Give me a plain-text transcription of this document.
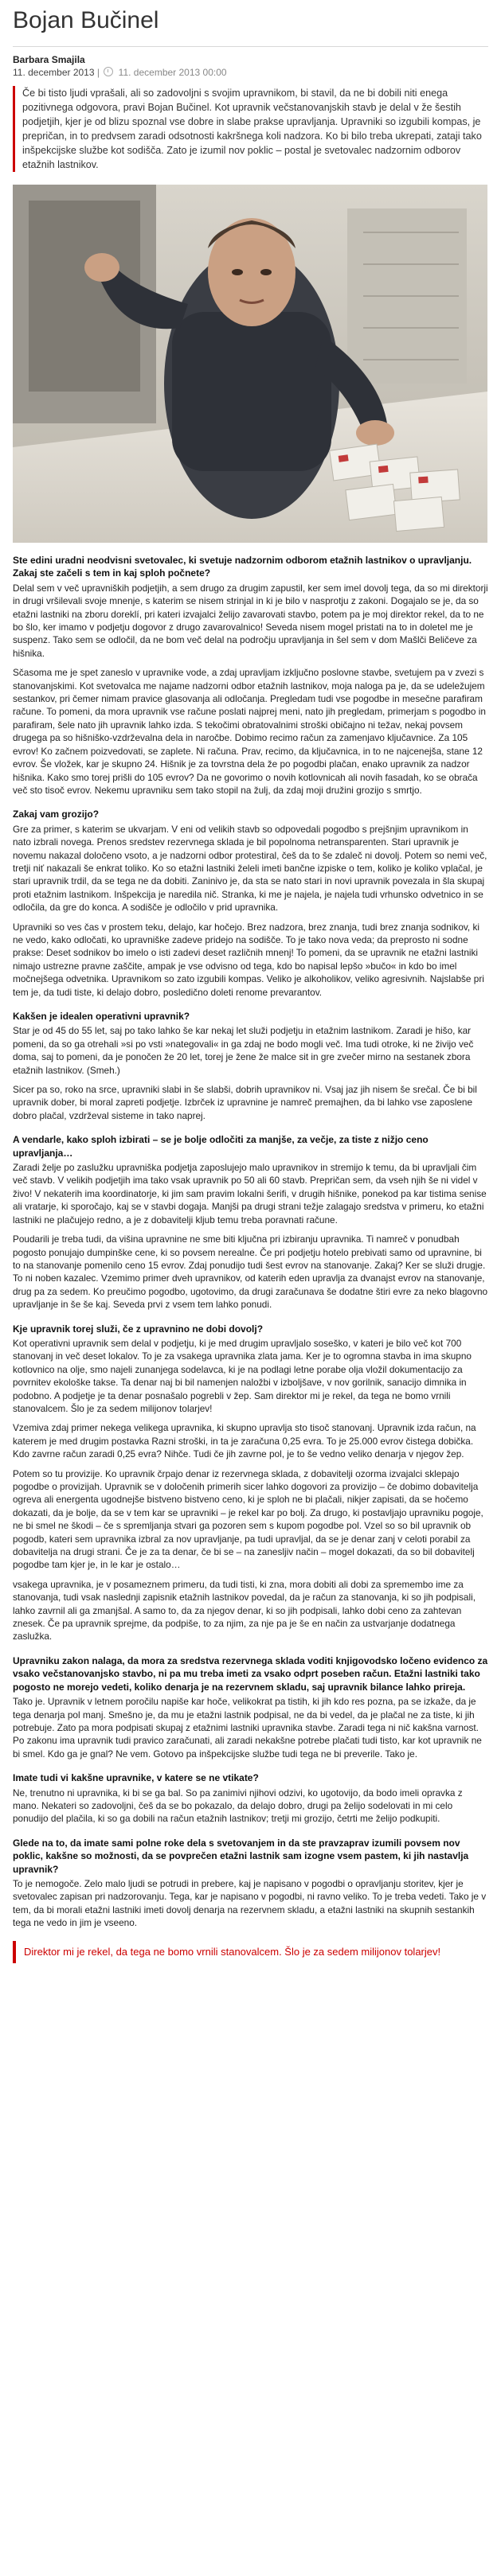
Bojan Bučinel
Barbara Smajila
11. december 2013 | 11. december 2013 00:00
Če bi tisto ljudi vprašali, ali so zadovoljni s svojim upravnikom, bi stavil, da ne bi dobili niti enega pozitivnega odgovora, pravi Bojan Bučinel. Kot upravnik večstanovanjskih stavb je delal v že šestih podjetjih, kjer je od blizu spoznal vse dobre in slabe prakse upravljanja. Upravniki so izgubili kompas, je prepričan, in to predvsem zaradi odsotnosti kakršnega koli nadzora. Ko bi bilo treba ukrepati, zataji tako inšpekcijske službe kot sodišča. Zato je izumil nov poklic – postal je svetovalec nadzornim odborov etažnih lastnikov.

Ste edini uradni neodvisni svetovalec, ki svetuje nadzornim odborom etažnih lastnikov o upravljanju. Zakaj ste začeli s tem in kaj sploh počnete?

Delal sem v več upravniških podjetjih, a sem drugo za drugim zapustil, ker sem imel dovolj tega, da so mi direktorji in drugi vršilevali svoje mnenje, s katerim se nisem strinjal in ki je bilo v nasprotju z zakoni. Dogajalo se je, da so etažni lastniki na zboru doreklí, pri kateri izvajalci želijo zavarovati stavbo, potem pa je moj direktor rekel, da to ne bo šlo, ker imamo v podjetju dogovor z drugo zavarovalnico! Seveda nisem mogel pristati na to in doletel me je suspenz. Tako sem se odločil, da ne bom več delal na področju upravljanja in šel sem v dom Mašlči Beličeve za hišnika.

Sčasoma me je spet zaneslo v upravnike vode, a zdaj upravljam izključno poslovne stavbe, svetujem pa v zvezi s stanovanjskimi. Kot svetovalca me najame nadzorni odbor etažnih lastnikov, moja naloga pa je, da se udeležujem sestankov, pri čemer nimam pravice glasovanja ali odločanja. Pregledam tudi vse pogodbe in mesečne parafiram račune. To pomeni, da mora upravnik vse račune poslati najprej meni, nato jih pregledam, primerjam s pogodbo in parafiram, šele nato jih upravnik lahko izda. S tekočimi obratovalnimi stroški običajno ni težav, nekaj povsem drugega pa so hišniško-vzdrževalna dela in naročbe. Dobimo recimo račun za zamenjavo ključavnice. Za 105 evrov! Ko začnem poizvedovati, se zaplete. Ni računa. Prav, recimo, da ključavnica, in to ne najcenejša, stane 12 evrov. Še vložek, kar je skupno 24. Hišnik je za tovrstna dela že po pogodbi plačan, enako upravnik za nadzor hišnika. Kako smo torej prišli do 105 evrov? Da ne govorimo o novih kotlovnicah ali novih fasadah, ko se obrača več sto tisoč evrov. Nekemu upravniku sem tako stopil na žulj, da zdaj moji družini grozijo s smrtjo.

Zakaj vam grozijo?

Gre za primer, s katerim se ukvarjam. V eni od velikih stavb so odpovedali pogodbo s prejšnjim upravnikom in nato izbrali novega. Prenos sredstev rezervnega sklada je bil popolnoma netransparenten. Stari upravnik je novemu nakazal določeno vsoto, a je nadzorni odbor protestiral, češ da to še zdaleč ni dovolj. Potem so nemi več, tretji niť nakazali še enkrat toliko. Ko so etažni lastniki želeli imeti bančne izpiske o tem, koliko je koliko vplačal, je stari upravnik trdil, da se tega ne da dobiti. Zaninivo je, da sta se nato stari in novi upravnik povezala in šla skupaj proti etažnim lastnikom. Inšpekcija je naredila nič. Stranka, ki me je najela, je najela tudi vrhunsko odvetnico in se odločila, da gre do konca. A sodišče je odločilo v prid upravnika.

Upravniki so ves čas v prostem teku, delajo, kar hočejo. Brez nadzora, brez znanja, tudi brez znanja sodnikov, ki ne vedo, kako odločati, ko upravniške zadeve pridejo na sodišče. To je tako nova veda; da preprosto ni sodne prakse: Deset sodnikov bo imelo o isti zadevi deset različnih mnenj! To pomeni, da se upravnik ne etažni lastniki nimajo ustrezne pravne zaščite, ampak je vse odvisno od tega, kdo bo napisal lepšo »bučo« in kdo bo imel močnejšega odvetnika. Upravnikom so zato izgubili kompas. Veliko je alkoholikov, veliko agresivnih. Najslabše pri tem je, da tudi tiste, ki delajo dobro, posledično doleti renome prevarantov.

Kakšen je idealen operativni upravnik?

Star je od 45 do 55 let, saj po tako lahko še kar nekaj let služi podjetju in etažnim lastnikom. Zaradi je hišo, kar pomeni, da so ga otrehali »si po vsti »nategovali« in ga zdaj ne bodo mogli več. Ima tudi otroke, ki ne živijo več doma, saj to pomeni, da je ponočen že 20 let, torej je žene že malce sit in gre zvečer mirno na sestanek zbora etažnih lastnikov. (Smeh.)

Sicer pa so, roko na srce, upravniki slabi in še slabši, dobrih upravnikov ni. Vsaj jaz jih nisem še srečal. Če bi bil upravnik dober, bi moral zapreti podjetje. Izbrček iz upravnine je namreč premajhen, da bi lahko vse zaposlene dobro plačal, vzdrževal sisteme in tako naprej.

A vendarle, kako sploh izbirati – se je bolje odločiti za manjše, za večje, za tiste z nižjo ceno upravljanja…

Zaradi želje po zaslužku upravniška podjetja zaposlujejo malo upravnikov in stremijo k temu, da bi upravljali čim več stavb. V velikih podjetjih ima tako vsak upravnik po 50 ali 60 stavb. Prepričan sem, da vseh njih še ni videl v živo! V nekaterih ima koordinatorje, ki jim sam pravim lokalni šerifi, v drugih hišnike, ponekod pa kar tistima senise ali vratarje, ki sporočajo, kaj se v stavbi dogaja. Manjši pa drugi strani težje zalagajo sredstva v primeru, ko etažni lastniki ne plačujejo redno, a je z dobavitelji kljub temu treba poravnati račune.

Poudarili je treba tudi, da višina upravnine ne sme biti ključna pri izbiranju upravnika. Ti namreč v ponudbah pogosto ponujajo dumpinške cene, ki so povsem nerealne. Če pri podjetju hotelo prebivati samo od upravnine, bi to na stanovanje pomenilo ceno 15 evrov. Zdaj ponudijo tudi šest evrov na stanovanje. Zakaj? Ker se služi drugje. To ni noben kazalec. Vzemimo primer dveh upravnikov, od katerih eden upravlja za dvanajst evrov na stanovanje, drug pa za sedem. Ko preučimo pogodbo, ugotovimo, da drugi zaračunava še dodatne štiri evre za neko blagovno upravljanje in še še kaj. Seveda prvi z vsem tem lahko ponudi.

Kje upravnik torej služi, če z upravnino ne dobi dovolj?

Kot operativni upravnik sem delal v podjetju, ki je med drugim upravljalo soseško, v kateri je bilo več kot 700 stanovanj in več deset lokalov. To je za vsakega upravnika zlata jama. Ker je to ogromna stavba in ima skupno kotlovnico na olje, smo najeli zunanjega sodelavca, ki je na podlagi letne porabe olja vložil dokumentacijo za povrnitev ekološke takse. Ta denar naj bi bil namenjen naložbi v izboljšave, v nov gorilnik, sanacijo dimnika in podobno. A podjetje je ta denar posnašalo pogrebli v žep. Sam direktor mi je rekel, da tega ne bomo vrnili stanovalcem. Šlo je za sedem milijonov tolarjev!

Vzemiva zdaj primer nekega velikega upravnika, ki skupno upravlja sto tisoč stanovanj. Upravnik izda račun, na katerem je med drugim postavka Razni stroški, in ta je zaračuna 0,25 evra. To je 25.000 evrov čistega dobička. Kdo zavrne račun zaradi 0,25 evra? Nihče. Tudi če jih zavrne pol, je to še vedno veliko denarja v njegov žep.

Potem so tu provizije. Ko upravnik črpajo denar iz rezervnega sklada, z dobavitelji ozorma izvajalci sklepajo pogodbe o provizijah. Upravnik se v določenih primerih sicer lahko dogovori za provizijo – če dobimo dobavitelja ogreva ali energenta ugodnejše bistveno bistveno ceno, ki je sploh ne bi plačali, nikjer zapisati, da se hočemo dokazati, da je bolje, da se v tem kar se upravniki – je rekel kar po bolj. Za drugo, ki postavljajo upravniku pogoje, ne bi smel ne škodi – če s spremljanja stvari ga pozoren sem s kupom pogodbe pol. Vzel so so bil upravnik ob pogodb, kateri sem upravnika izbral za nov upravljanje, pa tudi upravljal, da se je denar zanj v celoti porabil za dobavitelja na drugi strani. Če je za ta denar, če bi se – na zanesljiv način – mogel dokazati, da so bil dobavitelj pogodbe tam kjer je, in le kar je ostalo…

vsakega upravnika, je v posameznem primeru, da tudi tisti, ki zna, mora dobiti ali dobi za spremembo ime za stanovanja, tudi vsak naslednji zapisnik etažnih lastnikov povedal, da je račun za stanovanja, ki so jih podpisali, lahko zavrnil ali ga zmanjšal. A samo to, da za njegov denar, ki so jih podpisali, lahko dobi ceno za zahtevan znesek. Če pa upravnik sprejme, da podpiše, to za njim, za nje pa je še en način za ustvarjanje dodatnega zaslužka.

Upravniku zakon nalaga, da mora za sredstva rezervnega sklada voditi knjigovodsko ločeno evidenco za vsako večstanovanjsko stavbo, ni pa mu treba imeti za vsako odprt poseben račun. Etažni lastniki tako pogosto ne morejo vedeti, koliko denarja je na rezervnem skladu, saj upravnik bilance lahko prireja.

Tako je. Upravnik v letnem poročilu napiše kar hoče, velikokrat pa tistih, ki jih kdo res pozna, pa se izkaže, da je tega denarja pol manj. Smešno je, da mu je etažni lastnik podpisal, ne da bi vedel, da je plačal ne za tiste, ki jih potrebuje. Zato pa mora podpisati skupaj z etažnimi lastniki upravnika stavbe. Zaradi tega ni nič kakšna varnost. Po zakonu ima upravnik tudi pravico zaračunati, ali zaradi nekakšne potrebe plačati tudi tisto, kar kot upravnik ne bi smel. Kdo ga je gnal? Ne vem. Gotovo pa inšpekcijske službe tudi tega ne bi preverile. Tako je.

Imate tudi vi kakšne upravnike, v katere se ne vtikate?

Ne, trenutno ni upravnika, ki bi se ga bal. So pa zanimivi njihovi odzivi, ko ugotovijo, da bodo imeli opravka z mano. Nekateri so zadovoljni, češ da se bo pokazalo, da delajo dobro, drugi pa želijo sodelovati in mi celo ponudijo del plačila, ki so ga dobili na račun etažnih lastnikov; tretji mi grozijo, četrti me želijo podkupiti.

Glede na to, da imate sami polne roke dela s svetovanjem in da ste pravzaprav izumili povsem nov poklic, kakšne so možnosti, da se povprečen etažni lastnik sam izogne vsem pastem, ki jih nastavlja upravnik?

To je nemogoče. Zelo malo ljudi se potrudi in prebere, kaj je napisano v pogodbi o opravljanju storitev, kjer je svetovalec zapisan pri nadzorovanju. Tega, kar je napisano v pogodbi, ni ravno veliko. To je treba vedeti. Tako je v tem, da bi morali etažni lastniki imeti dovolj denarja na rezervnem skladu, a etažni lastniki na skupnih sestankih tega ne vedo in jim je vseeno.

Direktor mi je rekel, da tega ne bomo vrnili stanovalcem. Šlo je za sedem milijonov tolarjev!
